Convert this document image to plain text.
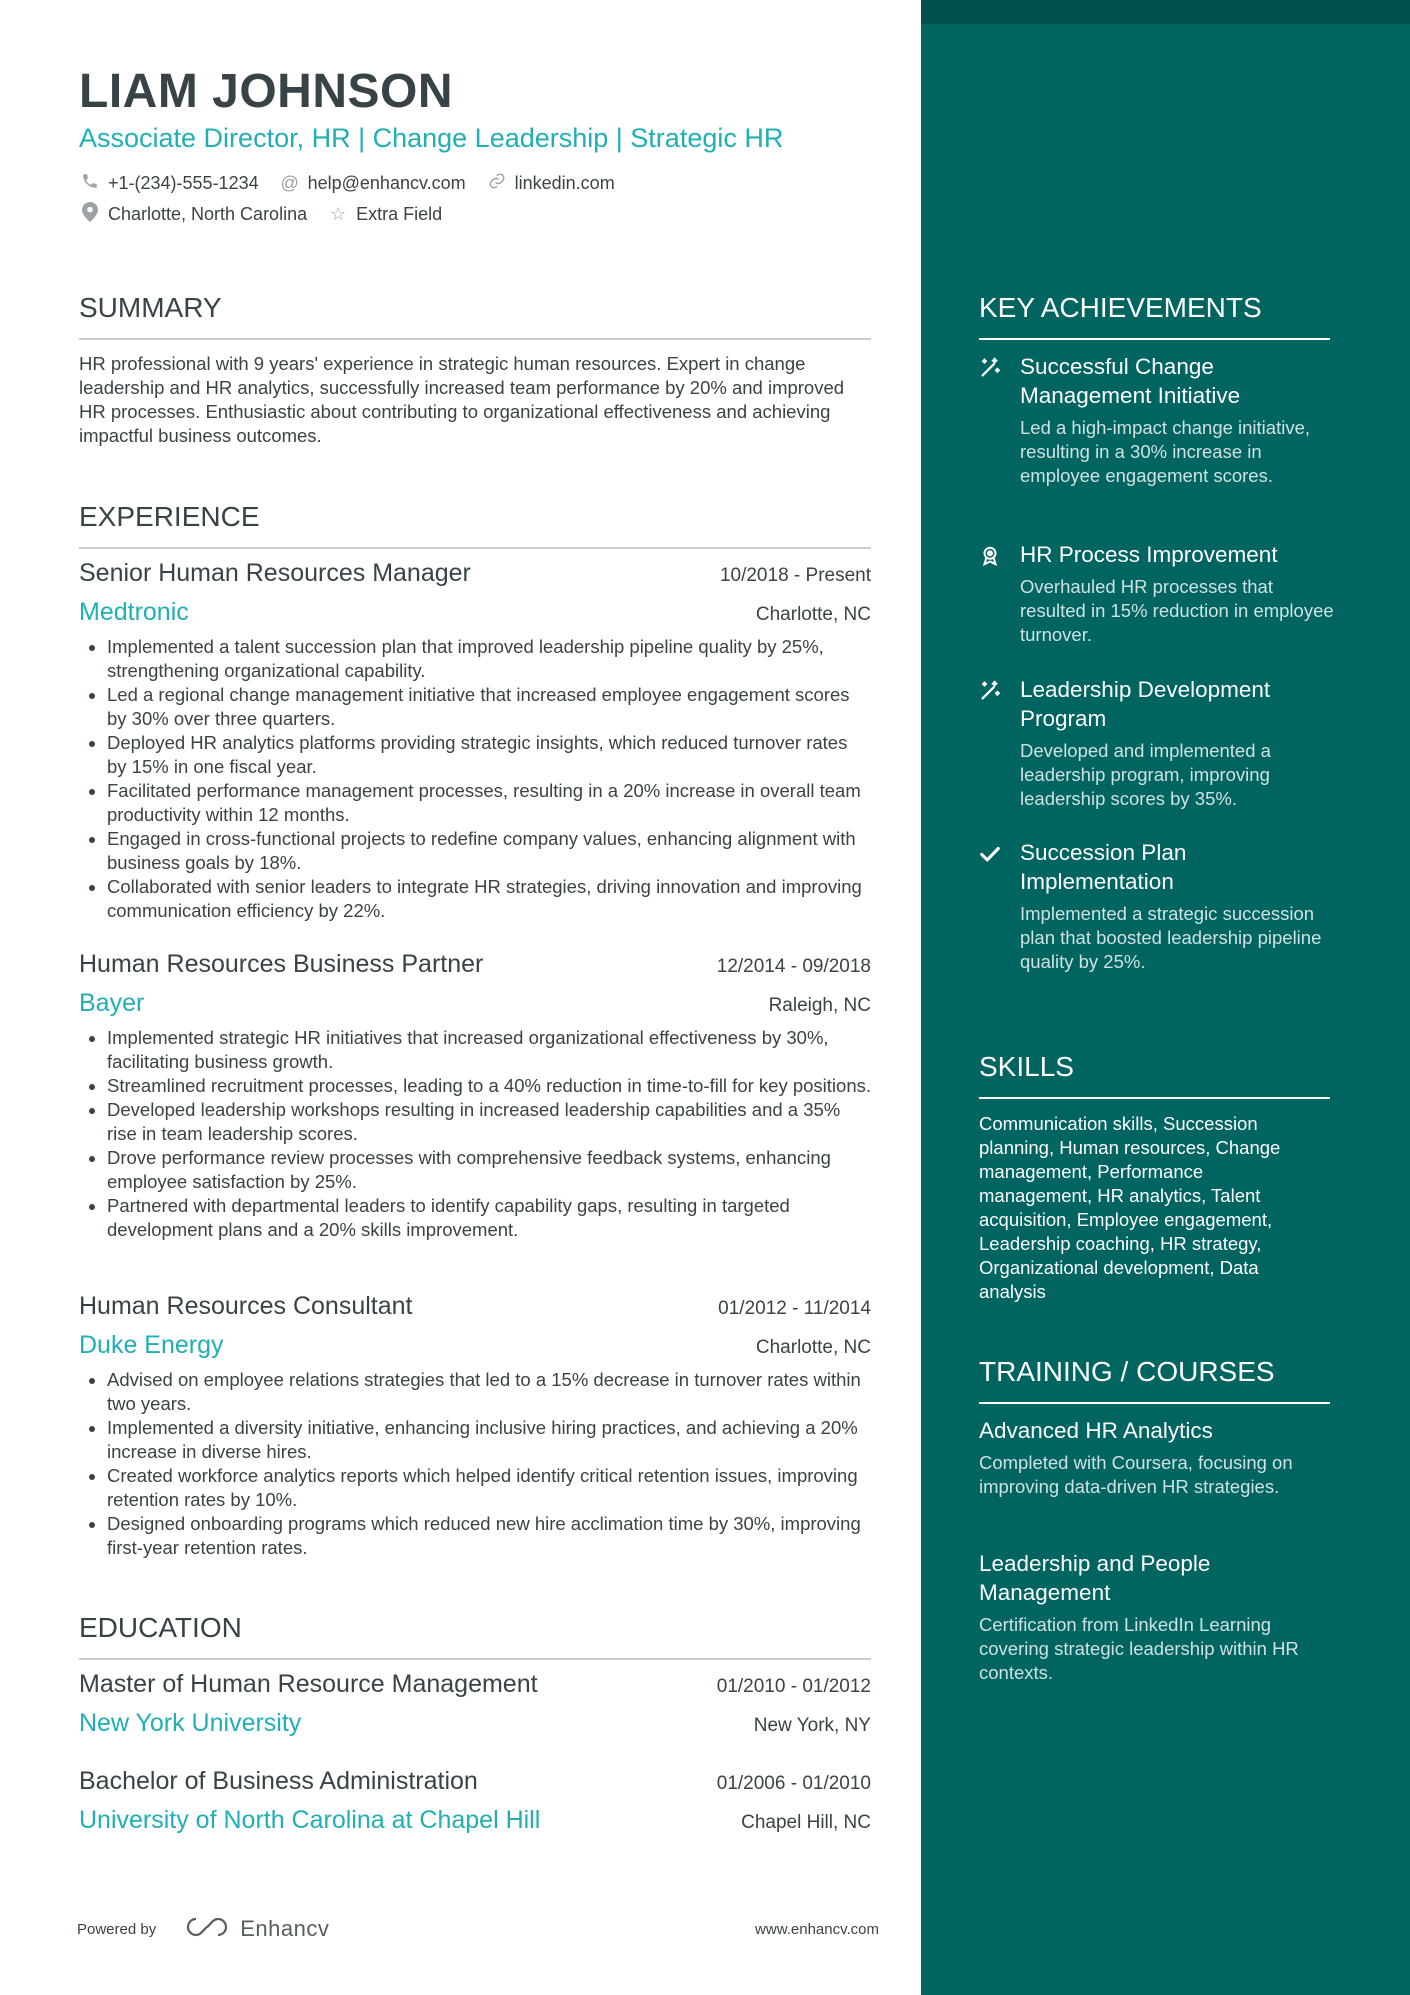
LIAM JOHNSON
Associate Director, HR | Change Leadership | Strategic HR
+1-(234)-555-1234 @ help@enhancv.com	linkedin.com
Charlotte, North Carolina ☆ Extra Field
SUMMARY
HR professional with 9 years' experience in strategic human resources. Expert in change leadership and HR analytics, successfully increased team performance by 20% and improved HR processes. Enthusiastic about contributing to organizational effectiveness and achieving impactful business outcomes.
EXPERIENCE
Senior Human Resources Manager	10/2018 - Present
Medtronic	Charlotte, NC
• Implemented a talent succession plan that improved leadership pipeline quality by 25%, strengthening organizational capability.
• Led a regional change management initiative that increased employee engagement scores by 30% over three quarters.
• Deployed HR analytics platforms providing strategic insights, which reduced turnover rates by 15% in one fiscal year.
• Facilitated performance management processes, resulting in a 20% increase in overall team productivity within 12 months.
• Engaged in cross-functional projects to redefine company values, enhancing alignment with business goals by 18%.
• Collaborated with senior leaders to integrate HR strategies, driving innovation and improving communication efficiency by 22%.
Human Resources Business Partner	12/2014 - 09/2018
Bayer	Raleigh, NC
• Implemented strategic HR initiatives that increased organizational effectiveness by 30%, facilitating business growth.
• Streamlined recruitment processes, leading to a 40% reduction in time-to-fill for key positions.
• Developed leadership workshops resulting in increased leadership capabilities and a 35% rise in team leadership scores.
• Drove performance review processes with comprehensive feedback systems, enhancing employee satisfaction by 25%.
• Partnered with departmental leaders to identify capability gaps, resulting in targeted development plans and a 20% skills improvement.
Human Resources Consultant	01/2012 - 11/2014
Duke Energy	Charlotte, NC
• Advised on employee relations strategies that led to a 15% decrease in turnover rates within two years.
• Implemented a diversity initiative, enhancing inclusive hiring practices, and achieving a 20% increase in diverse hires.
• Created workforce analytics reports which helped identify critical retention issues, improving retention rates by 10%.
• Designed onboarding programs which reduced new hire acclimation time by 30%, improving first-year retention rates.
EDUCATION
Master of Human Resource Management	01/2010 - 01/2012
New York University	New York, NY
Bachelor of Business Administration	01/2006 - 01/2010
University of North Carolina at Chapel Hill	Chapel Hill, NC
Powered by	Enhancv	www.enhancv.com
KEY ACHIEVEMENTS
Successful Change Management Initiative
Led a high-impact change initiative, resulting in a 30% increase in employee engagement scores.
HR Process Improvement
Overhauled HR processes that resulted in 15% reduction in employee turnover.
Leadership Development Program
Developed and implemented a leadership program, improving leadership scores by 35%.
Succession Plan Implementation
Implemented a strategic succession plan that boosted leadership pipeline quality by 25%.
SKILLS
Communication skills, Succession planning, Human resources, Change management, Performance management, HR analytics, Talent acquisition, Employee engagement, Leadership coaching, HR strategy, Organizational development, Data analysis
TRAINING / COURSES
Advanced HR Analytics
Completed with Coursera, focusing on improving data-driven HR strategies.
Leadership and People Management
Certification from LinkedIn Learning covering strategic leadership within HR contexts.
